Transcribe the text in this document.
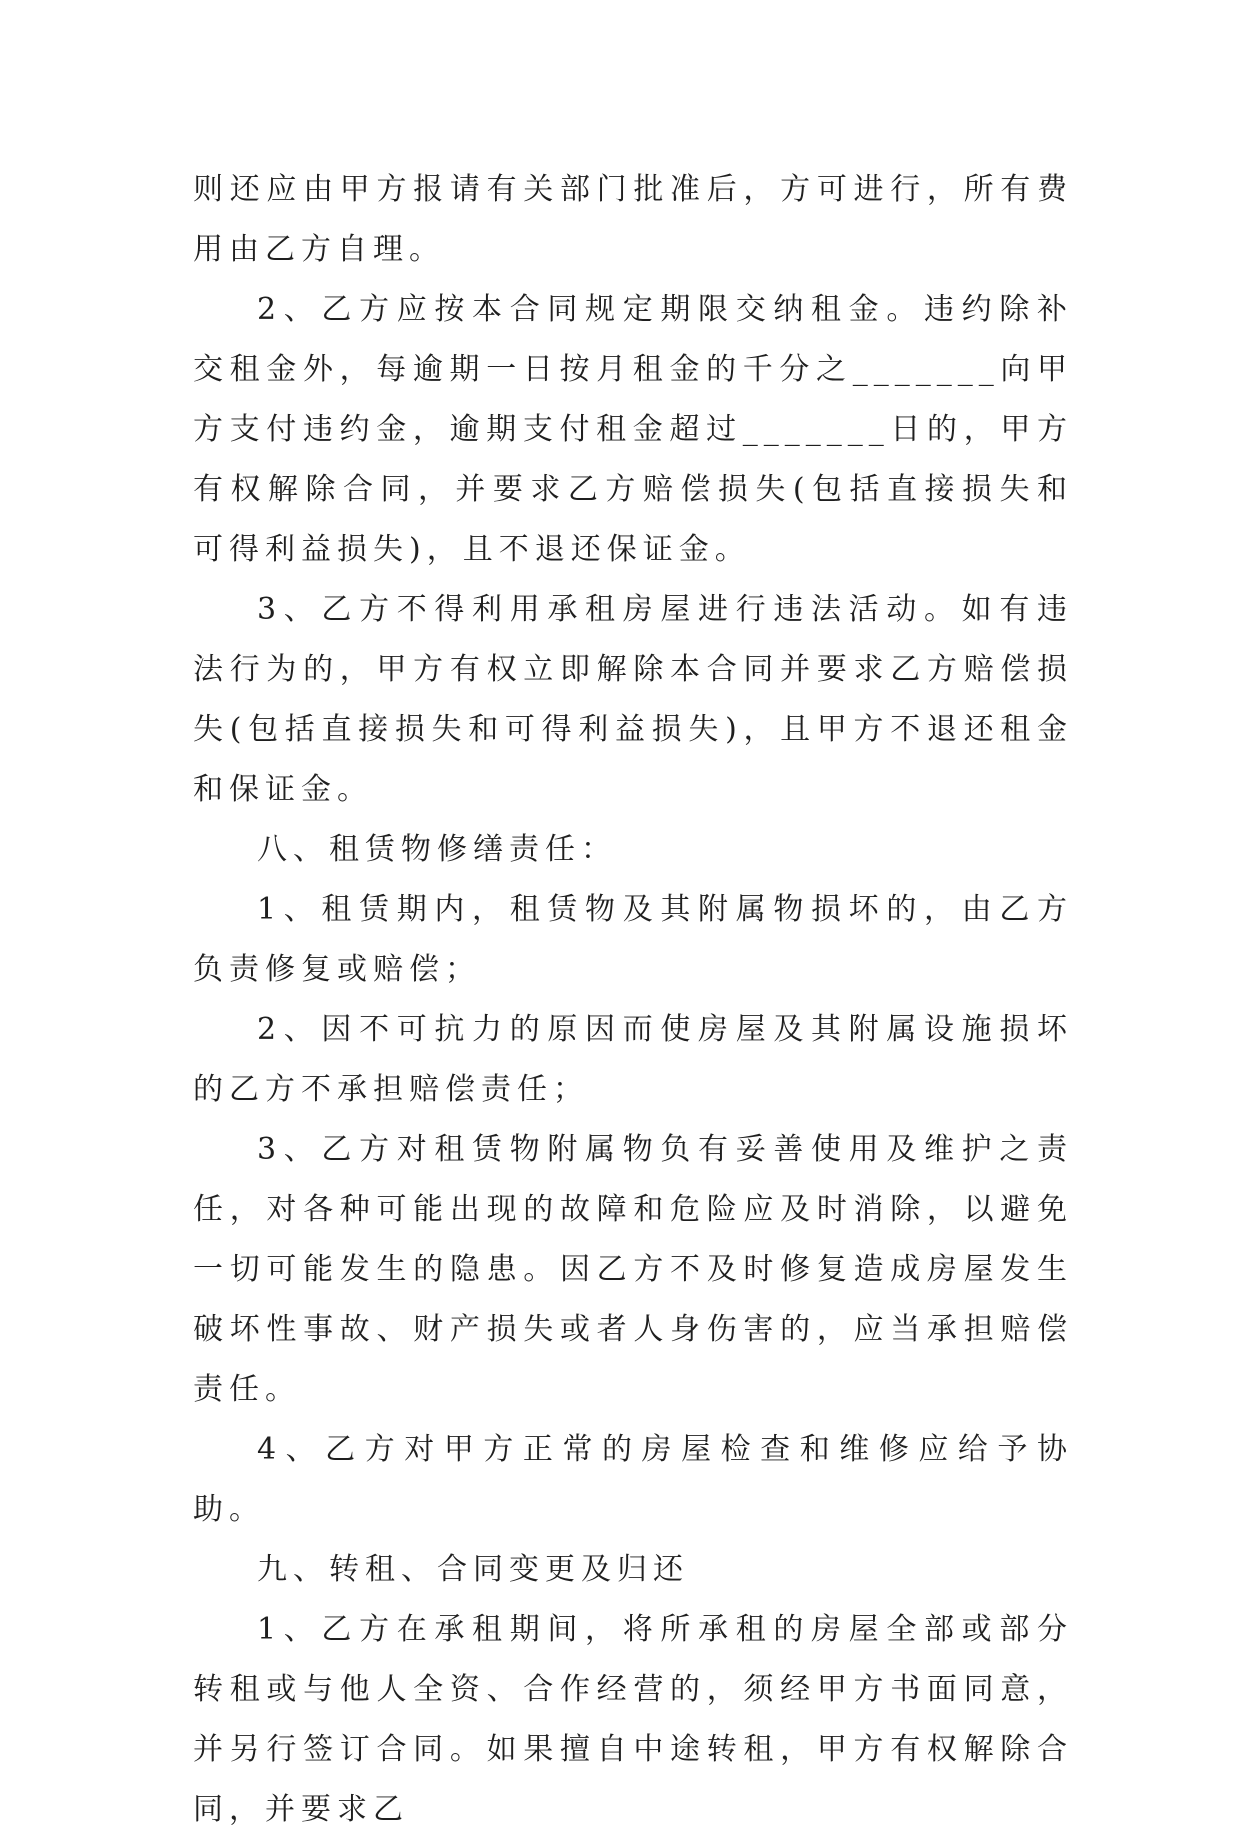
则还应由甲方报请有关部门批准后，方可进行，所有费用由乙方自理。

2、乙方应按本合同规定期限交纳租金。违约除补交租金外，每逾期一日按月租金的千分之_______向甲方支付违约金，逾期支付租金超过_______日的，甲方有权解除合同，并要求乙方赔偿损失(包括直接损失和可得利益损失)，且不退还保证金。

3、乙方不得利用承租房屋进行违法活动。如有违法行为的，甲方有权立即解除本合同并要求乙方赔偿损失(包括直接损失和可得利益损失)，且甲方不退还租金和保证金。

八、租赁物修缮责任：

1、租赁期内，租赁物及其附属物损坏的，由乙方负责修复或赔偿；

2、因不可抗力的原因而使房屋及其附属设施损坏的乙方不承担赔偿责任；

3、乙方对租赁物附属物负有妥善使用及维护之责任，对各种可能出现的故障和危险应及时消除，以避免一切可能发生的隐患。因乙方不及时修复造成房屋发生破坏性事故、财产损失或者人身伤害的，应当承担赔偿责任。

4、乙方对甲方正常的房屋检查和维修应给予协助。

九、转租、合同变更及归还

1、乙方在承租期间，将所承租的房屋全部或部分转租或与他人全资、合作经营的，须经甲方书面同意，并另行签订合同。如果擅自中途转租，甲方有权解除合同，并要求乙
